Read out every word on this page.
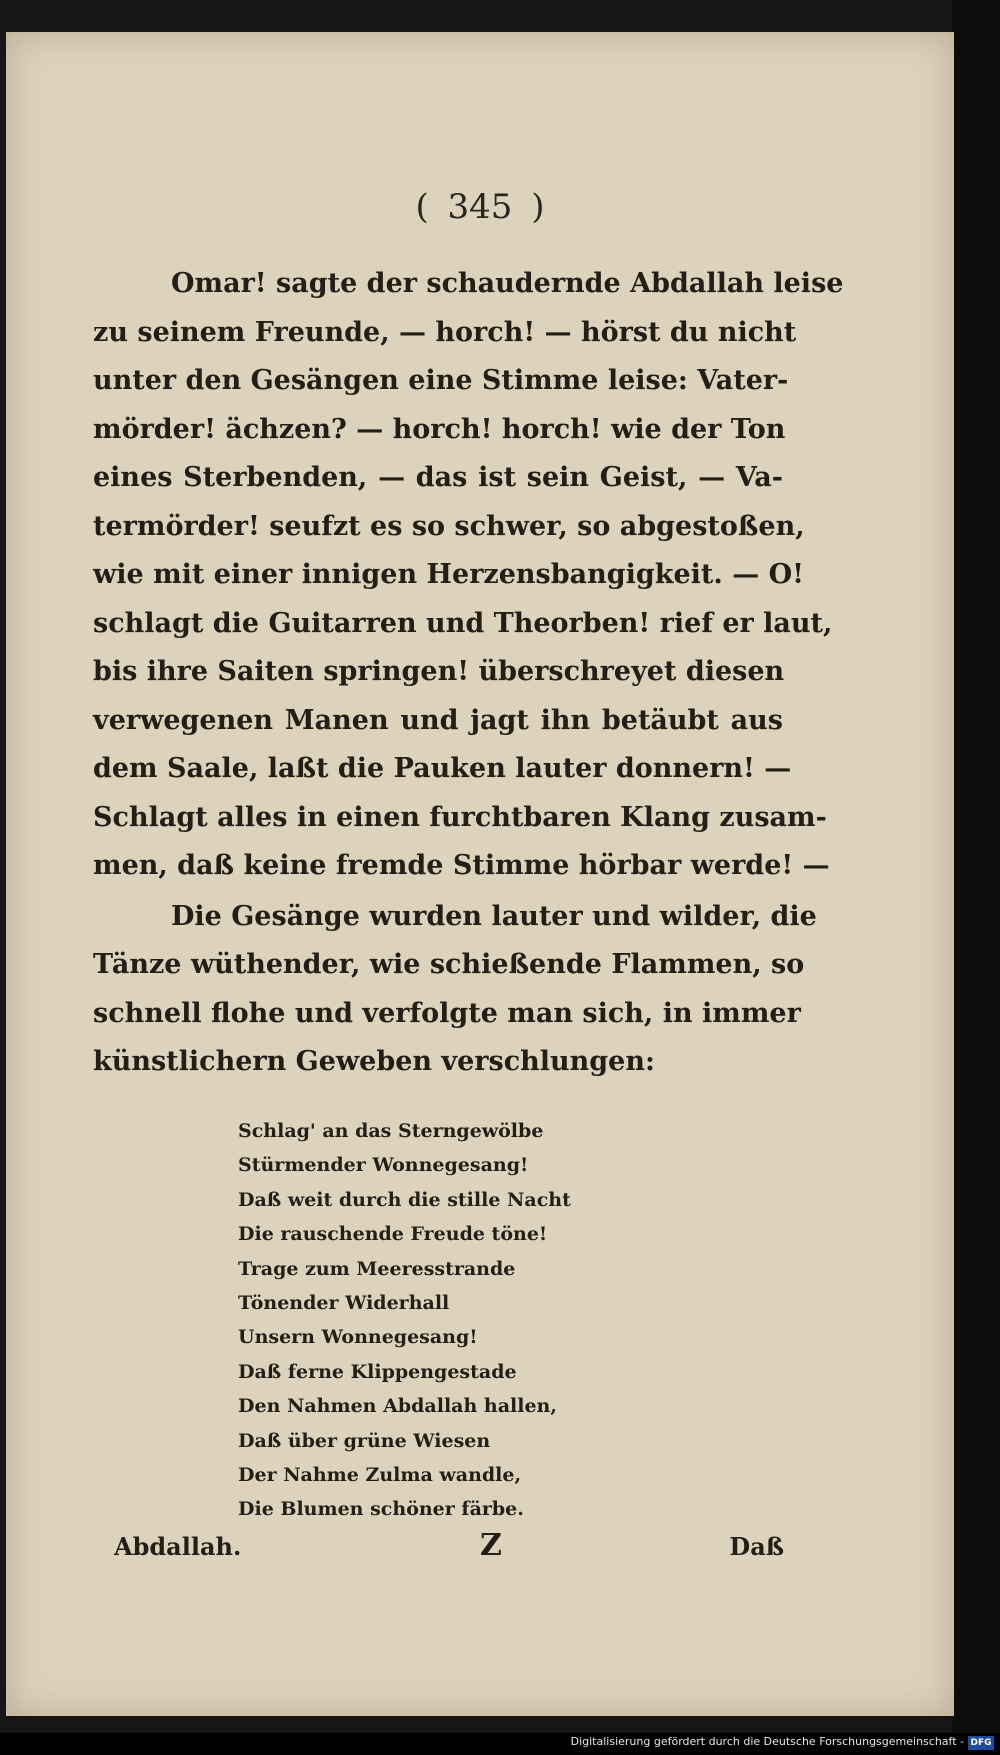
( 345 )
Omar! sagte der schaudernde Abdallah leise
zu seinem Freunde, — horch! — hörst du nicht
unter den Gesängen eine Stimme leise: Vater-
mörder! ächzen? — horch! horch! wie der Ton
eines Sterbenden, — das ist sein Geist, — Va-
termörder! seufzt es so schwer, so abgestoßen,
wie mit einer innigen Herzensbangigkeit. — O!
schlagt die Guitarren und Theorben! rief er laut,
bis ihre Saiten springen! überschreyet diesen
verwegenen Manen und jagt ihn betäubt aus
dem Saale, laßt die Pauken lauter donnern! —
Schlagt alles in einen furchtbaren Klang zusam-
men, daß keine fremde Stimme hörbar werde! —
Die Gesänge wurden lauter und wilder, die
Tänze wüthender, wie schießende Flammen, so
schnell flohe und verfolgte man sich, in immer
künstlichern Geweben verschlungen:
Schlag' an das Sterngewölbe
Stürmender Wonnegesang!
Daß weit durch die stille Nacht
Die rauschende Freude töne!
Trage zum Meeresstrande
Tönender Widerhall
Unsern Wonnegesang!
Daß ferne Klippengestade
Den Nahmen Abdallah hallen,
Daß über grüne Wiesen
Der Nahme Zulma wandle,
Die Blumen schöner färbe.
Abdallah.	Z	Daß
Digitalisierung gefördert durch die Deutsche Forschungsgemeinschaft - DFG
